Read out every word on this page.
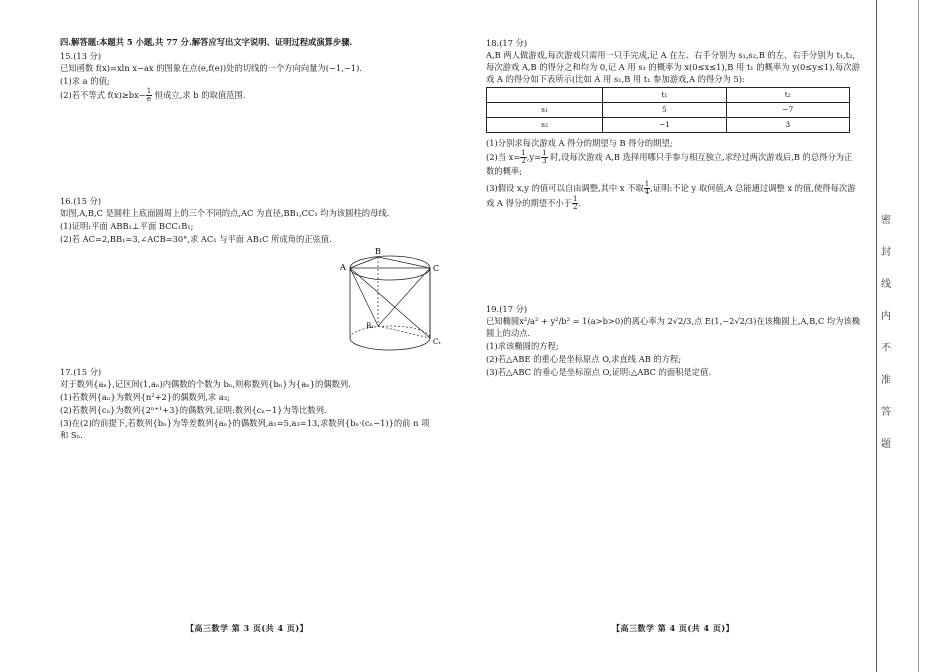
四.解答题:本题共 5 小题,共 77 分.解答应写出文字说明、证明过程或演算步骤.
15.(13 分)
已知函数 f(x)=xln x−ax 的图象在点(e,f(e))处的切线的一个方向向量为(−1,−1).
(1)求 a 的值;
(2)若不等式 $f(x)\ge bx- \frac{1}{e}$ 恒成立,求 b 的取值范围.
16.(15 分)
如图,A,B,C 是圆柱上底面圆周上的三个不同的点,AC 为直径,BB₁,CC₁ 均为该圆柱的母线.
(1)证明:平面 ABB₁⊥平面 BCC₁B₁;
(2)若 AC=2,BB₁=3,∠ACB=30°,求 AC₁ 与平面 AB₁C 所成角的正弦值.
A
B
C
B₁
C₁
17.(15 分)
对于数列{aₙ},记区间(1,aₙ)内偶数的个数为 bₙ,则称数列{bₙ}为{aₙ}的偶数列.
(1)若数列{aₙ}为数列{n²+2}的偶数列,求 a₃;
(2)若数列{cₙ}为数列{2ⁿ⁺¹+3}的偶数列,证明:数列{cₙ−1}为等比数列.
(3)在(2)的前提下,若数列{bₙ}为等差数列{aₙ}的偶数列,a₁=5,a₃=13,求数列{bₙ·(cₙ−1)}的前 n 项和 Sₙ.
18.(17 分)
A,B 两人做游戏,每次游戏只需用一只手完成,记 A 在左、右手分别为 s₁,s₂,B 的左、右手分别为 t₁,t₂,每次游戏 A,B 的得分之和均为 0,记 A 用 s₁ 的概率为 x(0≤x≤1),B 用 t₁ 的概率为 y(0≤y≤1),每次游戏 A 的得分如下表所示(比如 A 用 s₁,B 用 t₁ 参加游戏,A 的得分为 5):
	t₁	t₂
s₁	5	−7
s₂	−1	3
(1)分别求每次游戏 A 得分的期望与 B 得分的期望;
(2)当 $x= \frac{1}{2} ,y= \frac{1}{3}$ 时,设每次游戏 A,B 选择用哪只手参与相互独立,求经过两次游戏后,B 的总得分为正数的概率;
(3)假设 x,y 的值可以自由调整,其中 x 不取 $\frac{1}{4}$ ,证明:不论 y 取何值,A 总能通过调整 x 的值,使得每次游戏 A 得分的期望不小于 $\frac{1}{2}$ .
19.(17 分)
已知椭圆x²/a² + y²/b² = 1(a>b>0)的离心率为 2√2/3,点 E(1,−2√2/3)在该椭圆上,A,B,C 均为该椭圆上的动点.
(1)求该椭圆的方程;
(2)若△ABE 的重心是坐标原点 O,求直线 AB 的方程;
(3)若△ABC 的垂心是坐标原点 O,证明:△ABC 的面积是定值.
【高三数学 第 3 页(共 4 页)】	【高三数学 第 4 页(共 4 页)】
密
封
线
内
不
准
答
题
